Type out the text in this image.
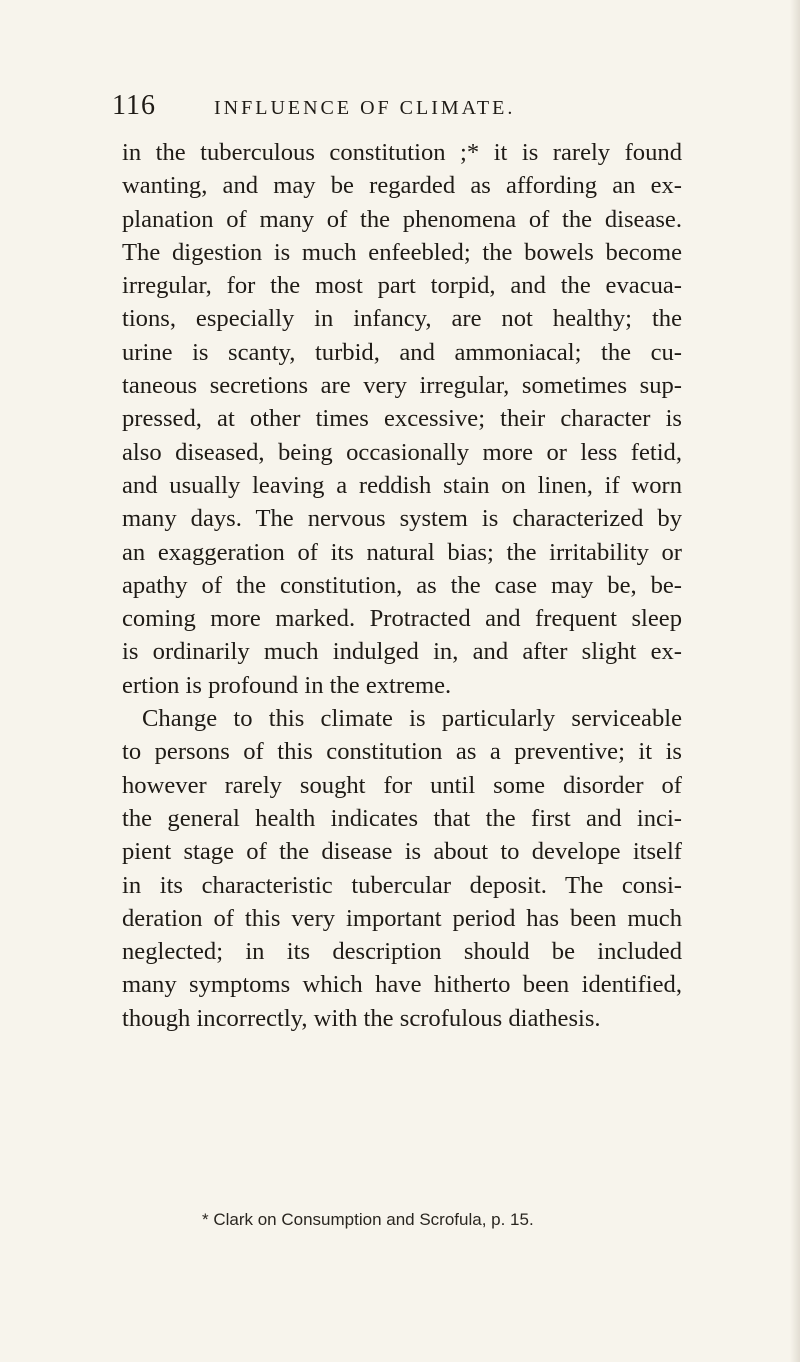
116	INFLUENCE OF CLIMATE.
in the tuberculous constitution ;* it is rarely found
wanting, and may be regarded as affording an ex-
planation of many of the phenomena of the disease.
The digestion is much enfeebled; the bowels become
irregular, for the most part torpid, and the evacua-
tions, especially in infancy, are not healthy; the
urine is scanty, turbid, and ammoniacal; the cu-
taneous secretions are very irregular, sometimes sup-
pressed, at other times excessive; their character is
also diseased, being occasionally more or less fetid,
and usually leaving a reddish stain on linen, if worn
many days. The nervous system is characterized by
an exaggeration of its natural bias; the irritability or
apathy of the constitution, as the case may be, be-
coming more marked. Protracted and frequent sleep
is ordinarily much indulged in, and after slight ex-
ertion is profound in the extreme.
Change to this climate is particularly serviceable
to persons of this constitution as a preventive; it is
however rarely sought for until some disorder of
the general health indicates that the first and inci-
pient stage of the disease is about to develope itself
in its characteristic tubercular deposit. The consi-
deration of this very important period has been much
neglected; in its description should be included
many symptoms which have hitherto been identified,
though incorrectly, with the scrofulous diathesis.
* Clark on Consumption and Scrofula, p. 15.
